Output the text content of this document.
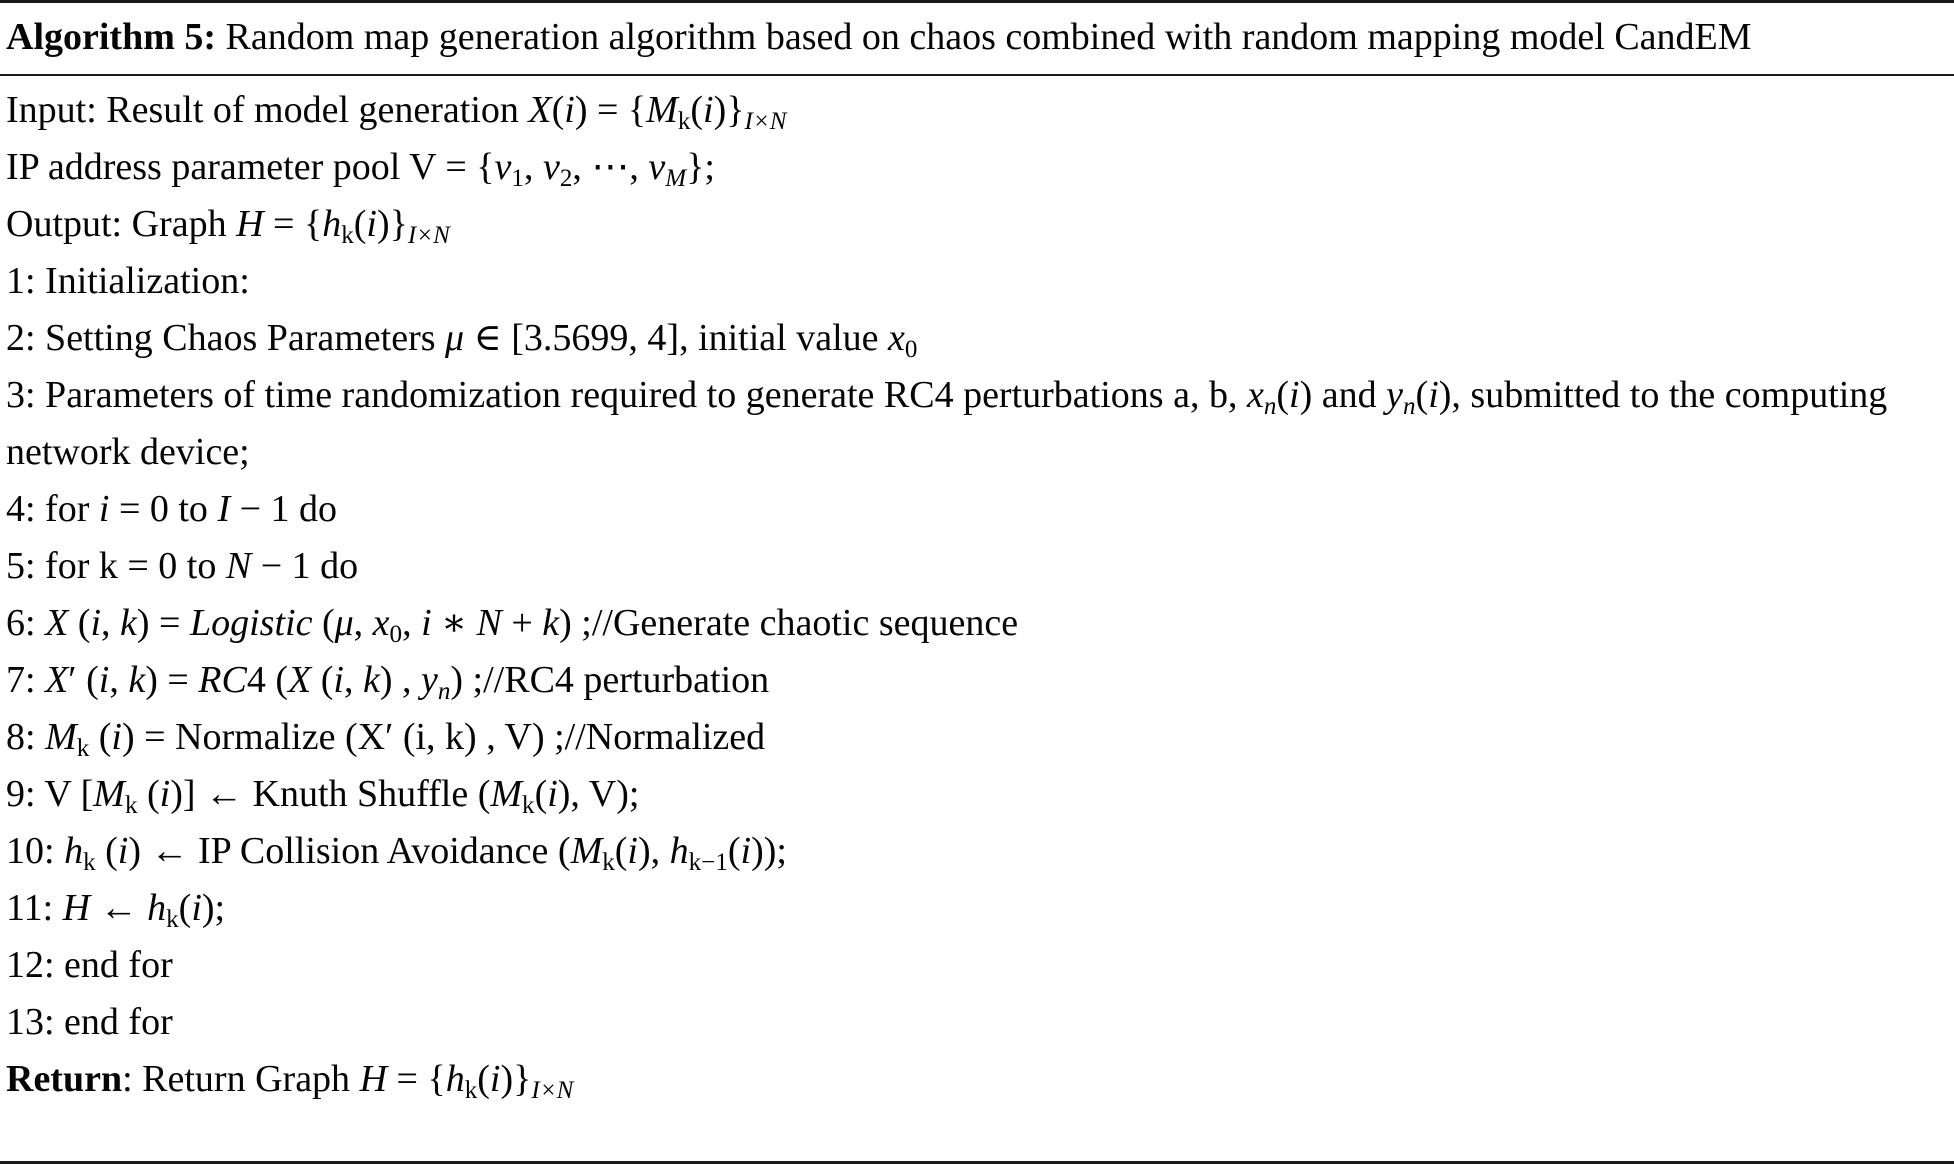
Algorithm 5: Random map generation algorithm based on chaos combined with random mapping model CandEM
Input: Result of model generation X(i) = {Mk(i)}I×N
IP address parameter pool V = {v1, v2, ⋯, vM};
Output: Graph H = {hk(i)}I×N
1: Initialization:
2: Setting Chaos Parameters μ ∈ [3.5699, 4], initial value x0
3: Parameters of time randomization required to generate RC4 perturbations a, b, xn(i) and yn(i), submitted to the computing network device;
4: for i = 0 to I − 1 do
5: for k = 0 to N − 1 do
6: X (i, k) = Logistic (μ, x0, i ∗ N + k) ;//Generate chaotic sequence
7: X′ (i, k) = RC4 (X (i, k) , yn) ;//RC4 perturbation
8: Mk (i) = Normalize (X′ (i, k) , V) ;//Normalized
9: V [Mk (i)] ← Knuth Shuffle (Mk(i), V);
10: hk (i) ← IP Collision Avoidance (Mk(i), hk−1(i));
11: H ← hk(i);
12: end for
13: end for
Return: Return Graph H = {hk(i)}I×N
